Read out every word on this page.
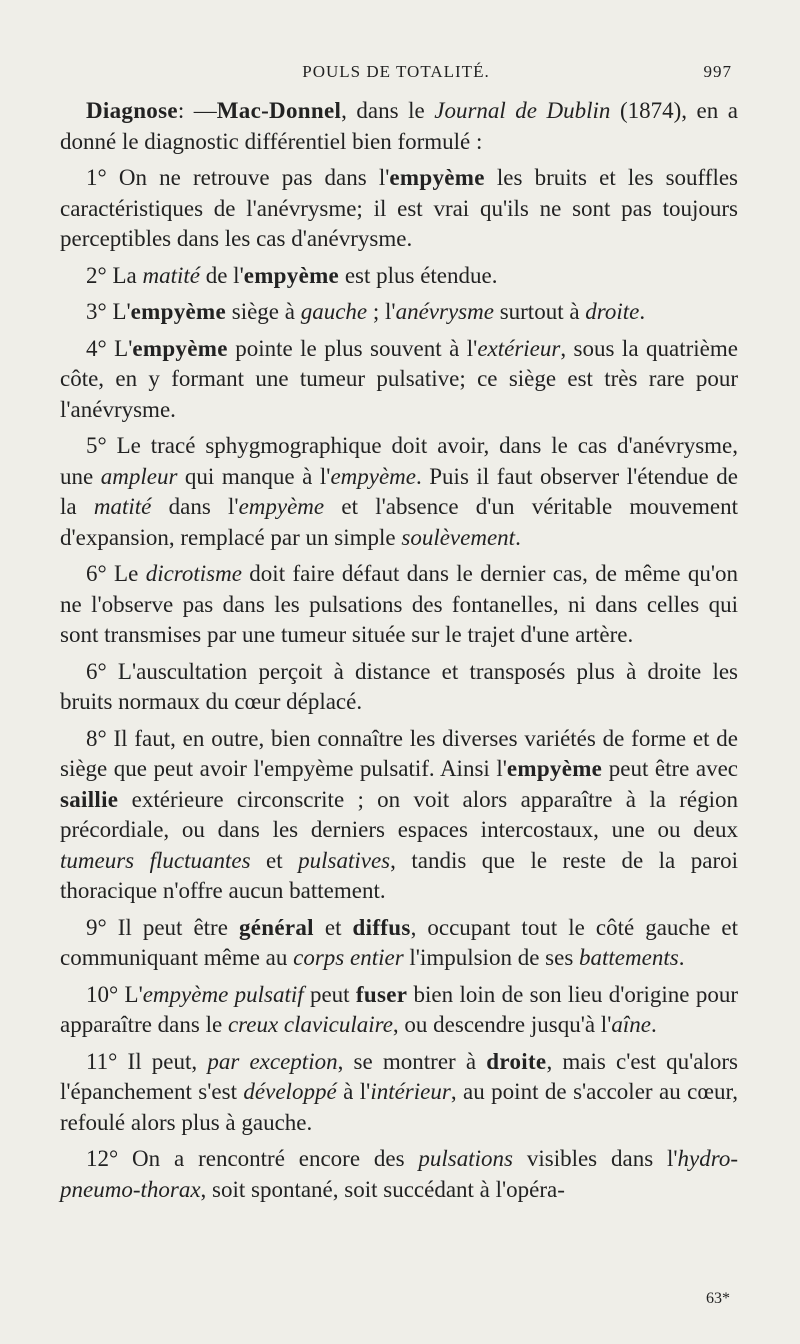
POULS DE TOTALITÉ.	997

Diagnose: —Mac-Donnel, dans le Journal de Dublin (1874), en a donné le diagnostic différentiel bien formulé :

1° On ne retrouve pas dans l'empyème les bruits et les souffles caractéristiques de l'anévrysme; il est vrai qu'ils ne sont pas toujours perceptibles dans les cas d'anévrysme.

2° La matité de l'empyème est plus étendue.

3° L'empyème siège à gauche ; l'anévrysme surtout à droite.

4° L'empyème pointe le plus souvent à l'extérieur, sous la quatrième côte, en y formant une tumeur pulsative; ce siège est très rare pour l'anévrysme.

5° Le tracé sphygmographique doit avoir, dans le cas d'anévrysme, une ampleur qui manque à l'empyème. Puis il faut observer l'étendue de la matité dans l'empyème et l'absence d'un véritable mouvement d'expansion, remplacé par un simple soulèvement.

6° Le dicrotisme doit faire défaut dans le dernier cas, de même qu'on ne l'observe pas dans les pulsations des fontanelles, ni dans celles qui sont transmises par une tumeur située sur le trajet d'une artère.

6° L'auscultation perçoit à distance et transposés plus à droite les bruits normaux du cœur déplacé.

8° Il faut, en outre, bien connaître les diverses variétés de forme et de siège que peut avoir l'empyème pulsatif. Ainsi l'empyème peut être avec saillie extérieure circonscrite ; on voit alors apparaître à la région précordiale, ou dans les derniers espaces intercostaux, une ou deux tumeurs fluctuantes et pulsatives, tandis que le reste de la paroi thoracique n'offre aucun battement.

9° Il peut être général et diffus, occupant tout le côté gauche et communiquant même au corps entier l'impulsion de ses battements.

10° L'empyème pulsatif peut fuser bien loin de son lieu d'origine pour apparaître dans le creux claviculaire, ou descendre jusqu'à l'aîne.

11° Il peut, par exception, se montrer à droite, mais c'est qu'alors l'épanchement s'est développé à l'intérieur, au point de s'accoler au cœur, refoulé alors plus à gauche.

12° On a rencontré encore des pulsations visibles dans l'hydro-pneumo-thorax, soit spontané, soit succédant à l'opéra-

63*
